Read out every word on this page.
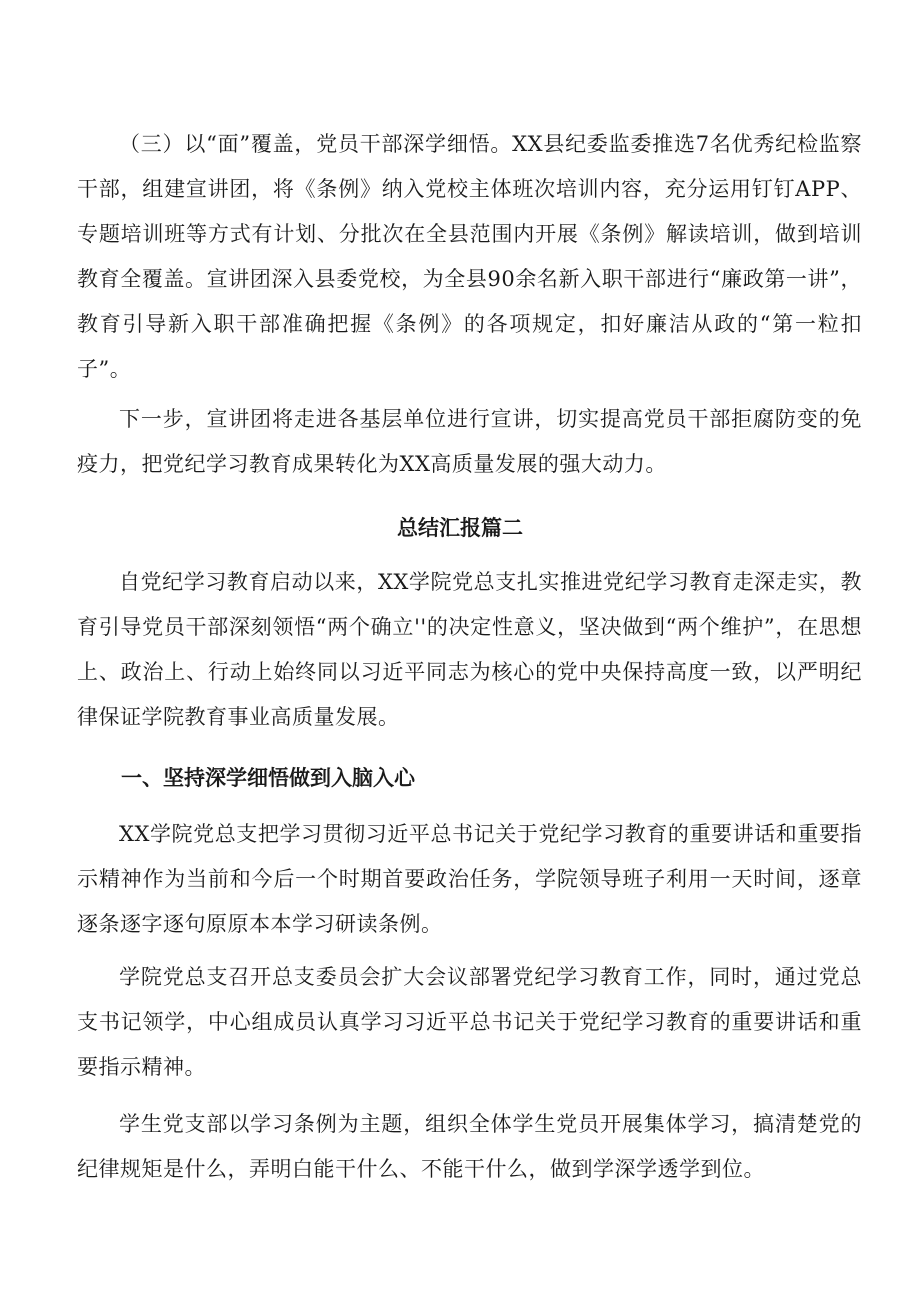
（三）以“面”覆盖，党员干部深学细悟。XX县纪委监委推选7名优秀纪检监察干部，组建宣讲团，将《条例》纳入党校主体班次培训内容，充分运用钉钉APP、专题培训班等方式有计划、分批次在全县范围内开展《条例》解读培训，做到培训教育全覆盖。宣讲团深入县委党校，为全县90余名新入职干部进行“廉政第一讲”，教育引导新入职干部准确把握《条例》的各项规定，扣好廉洁从政的“第一粒扣子”。

下一步，宣讲团将走进各基层单位进行宣讲，切实提高党员干部拒腐防变的免疫力，把党纪学习教育成果转化为XX高质量发展的强大动力。

总结汇报篇二

自党纪学习教育启动以来，XX学院党总支扎实推进党纪学习教育走深走实，教育引导党员干部深刻领悟“两个确立''的决定性意义，坚决做到“两个维护”，在思想上、政治上、行动上始终同以习近平同志为核心的党中央保持高度一致，以严明纪律保证学院教育事业高质量发展。

一、坚持深学细悟做到入脑入心

XX学院党总支把学习贯彻习近平总书记关于党纪学习教育的重要讲话和重要指示精神作为当前和今后一个时期首要政治任务，学院领导班子利用一天时间，逐章逐条逐字逐句原原本本学习研读条例。

学院党总支召开总支委员会扩大会议部署党纪学习教育工作，同时，通过党总支书记领学，中心组成员认真学习习近平总书记关于党纪学习教育的重要讲话和重要指示精神。

学生党支部以学习条例为主题，组织全体学生党员开展集体学习，搞清楚党的纪律规矩是什么，弄明白能干什么、不能干什么，做到学深学透学到位。
